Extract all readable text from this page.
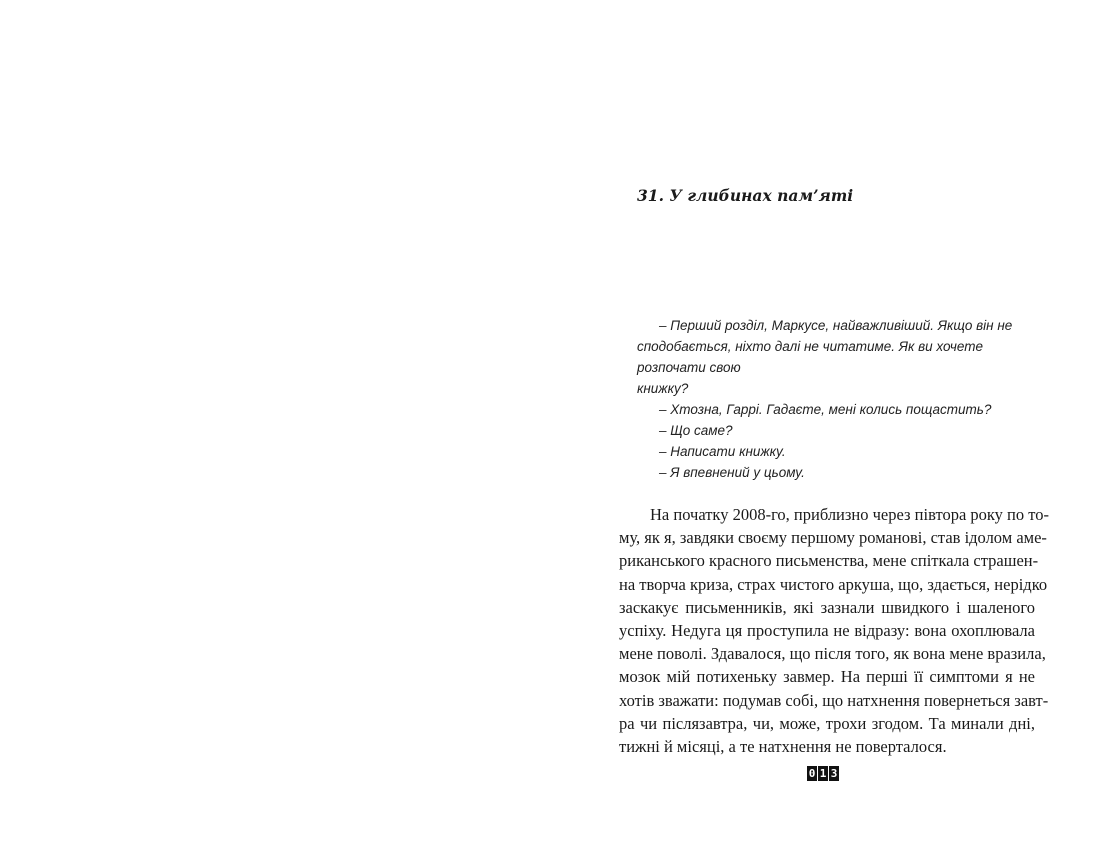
31. У глибинах пам’яті

– Перший розділ, Маркусе, найважливіший. Якщо він не

сподобається, ніхто далі не читатиме. Як ви хочете розпочати свою

книжку?

– Хтозна, Гаррі. Гадаєте, мені колись пощастить?

– Що саме?

– Написати книжку.

– Я впевнений у цьому.

На початку 2008-го, приблизно через півтора року по то-
му, як я, завдяки своєму першому романові, став ідолом аме-
риканського красного письменства, мене спіткала страшен-
на творча криза, страх чистого аркуша, що, здається, нерідко
заскакує письменників, які зазнали швидкого і шаленого
успіху. Недуга ця проступила не відразу: вона охоплювала
мене поволі. Здавалося, що після того, як вона мене вразила,
мозок мій потихеньку завмер. На перші її симптоми я не
хотів зважати: подумав собі, що натхнення повернеться завт-
ра чи післязавтра, чи, може, трохи згодом. Та минали дні,
тижні й місяці, а те натхнення не поверталося.
0 1 3
